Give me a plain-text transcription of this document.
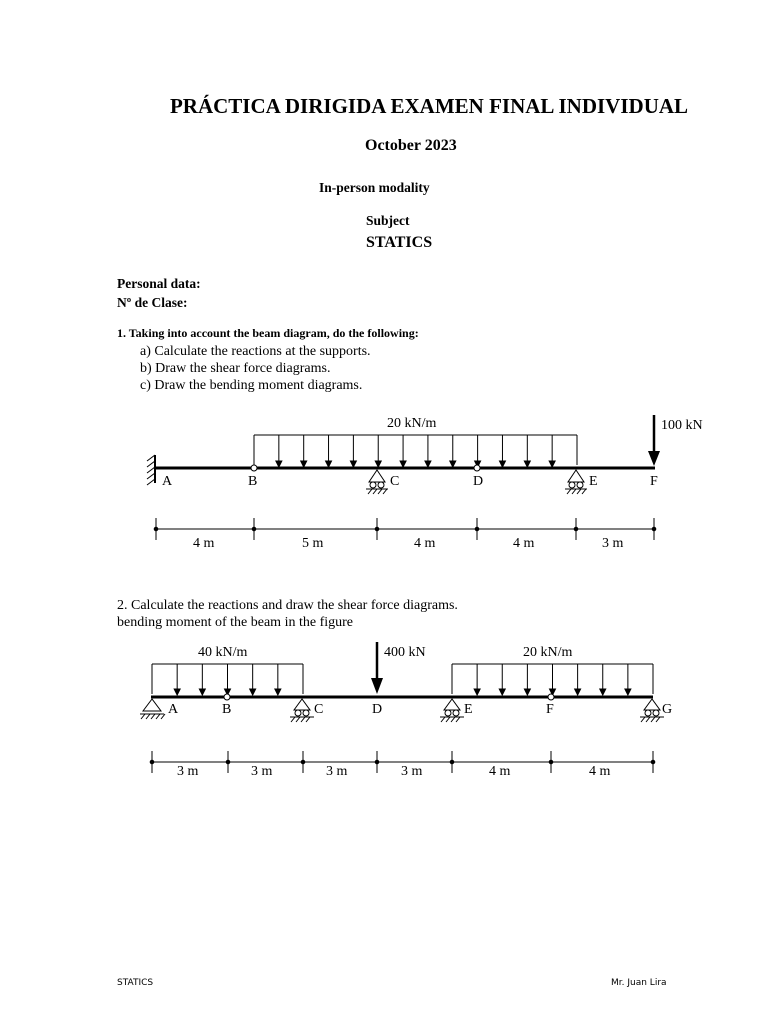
PRÁCTICA DIRIGIDA EXAMEN FINAL INDIVIDUAL
October 2023
In-person modality
Subject
STATICS
Personal data:
Nº de Clase:
1. Taking into account the beam diagram, do the following:
a) Calculate the reactions at the supports.
b) Draw the shear force diagrams.
c) Draw the bending moment diagrams.
20 kN/m	100 kN
A	B	C	D	E	F
4 m	5 m	4 m	4 m	3 m
2. Calculate the reactions and draw the shear force diagrams.
bending moment of the beam in the figure
40 kN/m	400 kN	20 kN/m
A	B	C	D	E	F	G
3 m	3 m	3 m	3 m	4 m	4 m
STATICS	Mr. Juan Lira
